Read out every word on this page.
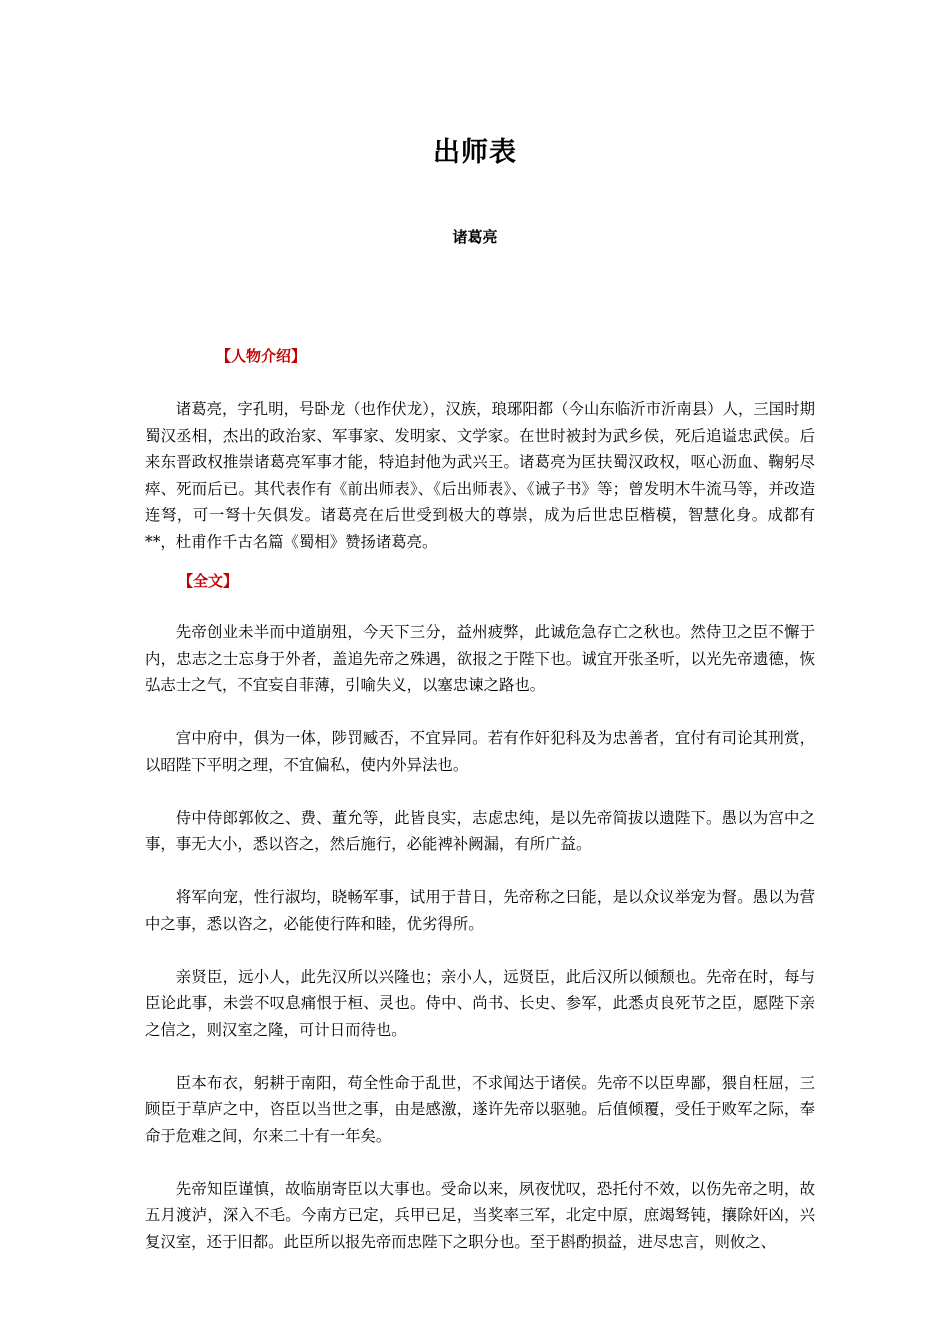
出师表
诸葛亮
【人物介绍】

诸葛亮，字孔明，号卧龙（也作伏龙），汉族，琅琊阳都（今山东临沂市沂南县）人，三国时期蜀汉丞相，杰出的政治家、军事家、发明家、文学家。在世时被封为武乡侯，死后追谥忠武侯。后来东晋政权推崇诸葛亮军事才能，特追封他为武兴王。诸葛亮为匡扶蜀汉政权，呕心沥血、鞠躬尽瘁、死而后已。其代表作有《前出师表》、《后出师表》、《诫子书》等；曾发明木牛流马等，并改造连弩，可一弩十矢俱发。诸葛亮在后世受到极大的尊崇，成为后世忠臣楷模，智慧化身。成都有**，杜甫作千古名篇《蜀相》赞扬诸葛亮。

【全文】

先帝创业未半而中道崩殂，今天下三分，益州疲弊，此诚危急存亡之秋也。然侍卫之臣不懈于内，忠志之士忘身于外者，盖追先帝之殊遇，欲报之于陛下也。诚宜开张圣听，以光先帝遗德，恢弘志士之气，不宜妄自菲薄，引喻失义，以塞忠谏之路也。

宫中府中，俱为一体，陟罚臧否，不宜异同。若有作奸犯科及为忠善者，宜付有司论其刑赏，以昭陛下平明之理，不宜偏私，使内外异法也。

侍中侍郎郭攸之、费、董允等，此皆良实，志虑忠纯，是以先帝简拔以遗陛下。愚以为宫中之事，事无大小，悉以咨之，然后施行，必能裨补阙漏，有所广益。

将军向宠，性行淑均，晓畅军事，试用于昔日，先帝称之曰能，是以众议举宠为督。愚以为营中之事，悉以咨之，必能使行阵和睦，优劣得所。

亲贤臣，远小人，此先汉所以兴隆也；亲小人，远贤臣，此后汉所以倾颓也。先帝在时，每与臣论此事，未尝不叹息痛恨于桓、灵也。侍中、尚书、长史、参军，此悉贞良死节之臣，愿陛下亲之信之，则汉室之隆，可计日而待也。

臣本布衣，躬耕于南阳，苟全性命于乱世，不求闻达于诸侯。先帝不以臣卑鄙，猥自枉屈，三顾臣于草庐之中，咨臣以当世之事，由是感激，遂许先帝以驱驰。后值倾覆，受任于败军之际，奉命于危难之间，尔来二十有一年矣。

先帝知臣谨慎，故临崩寄臣以大事也。受命以来，夙夜忧叹，恐托付不效，以伤先帝之明，故五月渡泸，深入不毛。今南方已定，兵甲已足，当奖率三军，北定中原，庶竭驽钝，攘除奸凶，兴复汉室，还于旧都。此臣所以报先帝而忠陛下之职分也。至于斟酌损益，进尽忠言，则攸之、
